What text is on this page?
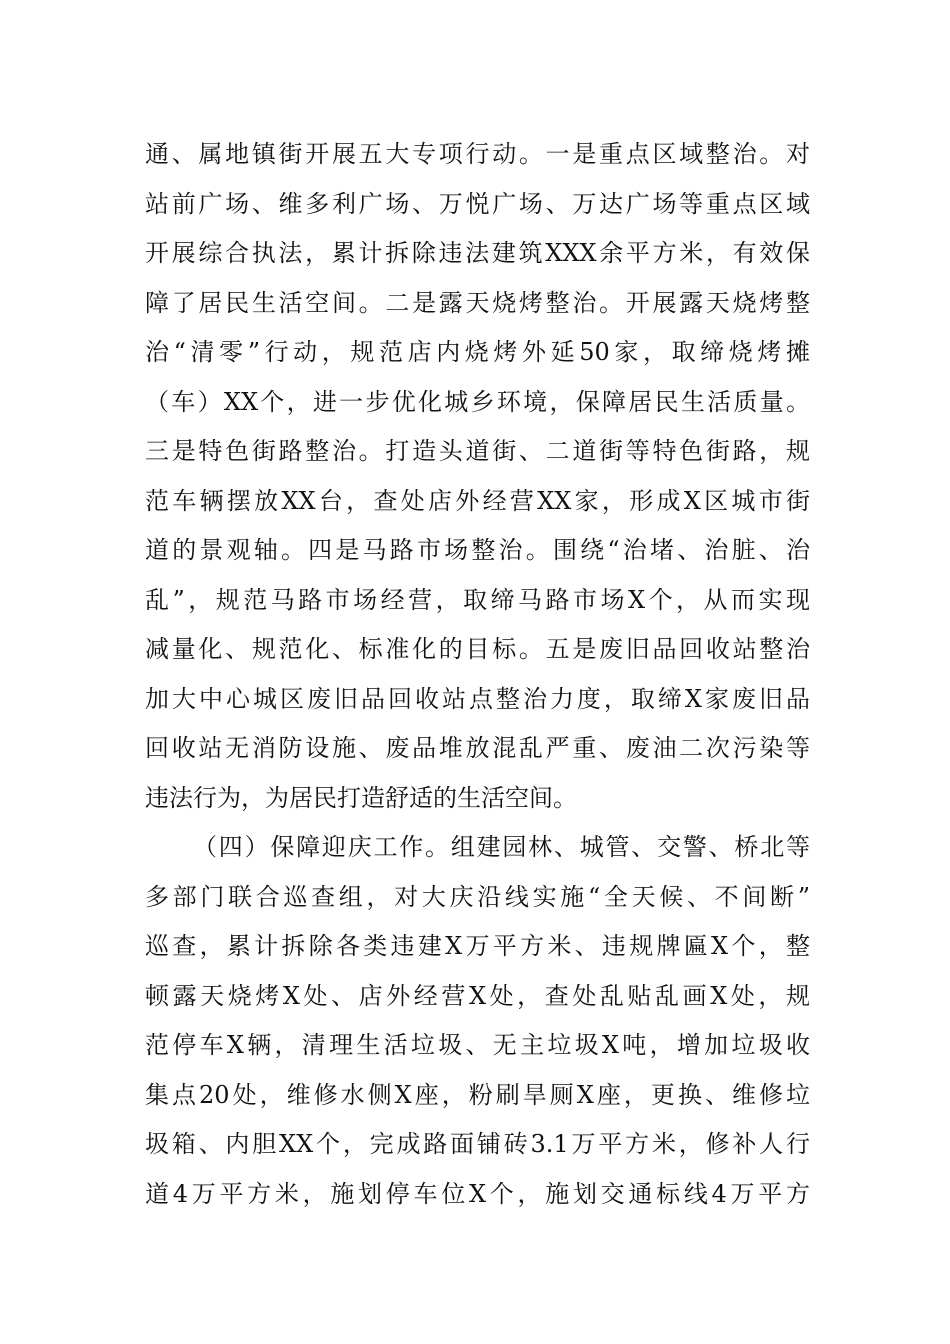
通、属地镇街开展五大专项行动。一是重点区域整治。对
站前广场、维多利广场、万悦广场、万达广场等重点区域
开展综合执法，累计拆除违法建筑XXX余平方米，有效保
障了居民生活空间。二是露天烧烤整治。开展露天烧烤整
治“清零”行动，规范店内烧烤外延50家，取缔烧烤摊
（车）XX个，进一步优化城乡环境，保障居民生活质量。
三是特色街路整治。打造头道街、二道街等特色街路，规
范车辆摆放XX台，查处店外经营XX家，形成X区城市街
道的景观轴。四是马路市场整治。围绕“治堵、治脏、治
乱”，规范马路市场经营，取缔马路市场X个，从而实现
减量化、规范化、标准化的目标。五是废旧品回收站整治
加大中心城区废旧品回收站点整治力度，取缔X家废旧品
回收站无消防设施、废品堆放混乱严重、废油二次污染等
违法行为，为居民打造舒适的生活空间。
（四）保障迎庆工作。组建园林、城管、交警、桥北等
多部门联合巡查组，对大庆沿线实施“全天候、不间断”
巡查，累计拆除各类违建X万平方米、违规牌匾X个，整
顿露天烧烤X处、店外经营X处，查处乱贴乱画X处，规
范停车X辆，清理生活垃圾、无主垃圾X吨，增加垃圾收
集点20处，维修水侧X座，粉刷旱厕X座，更换、维修垃
圾箱、内胆XX个，完成路面铺砖3.1万平方米，修补人行
道4万平方米，施划停车位X个，施划交通标线4万平方
